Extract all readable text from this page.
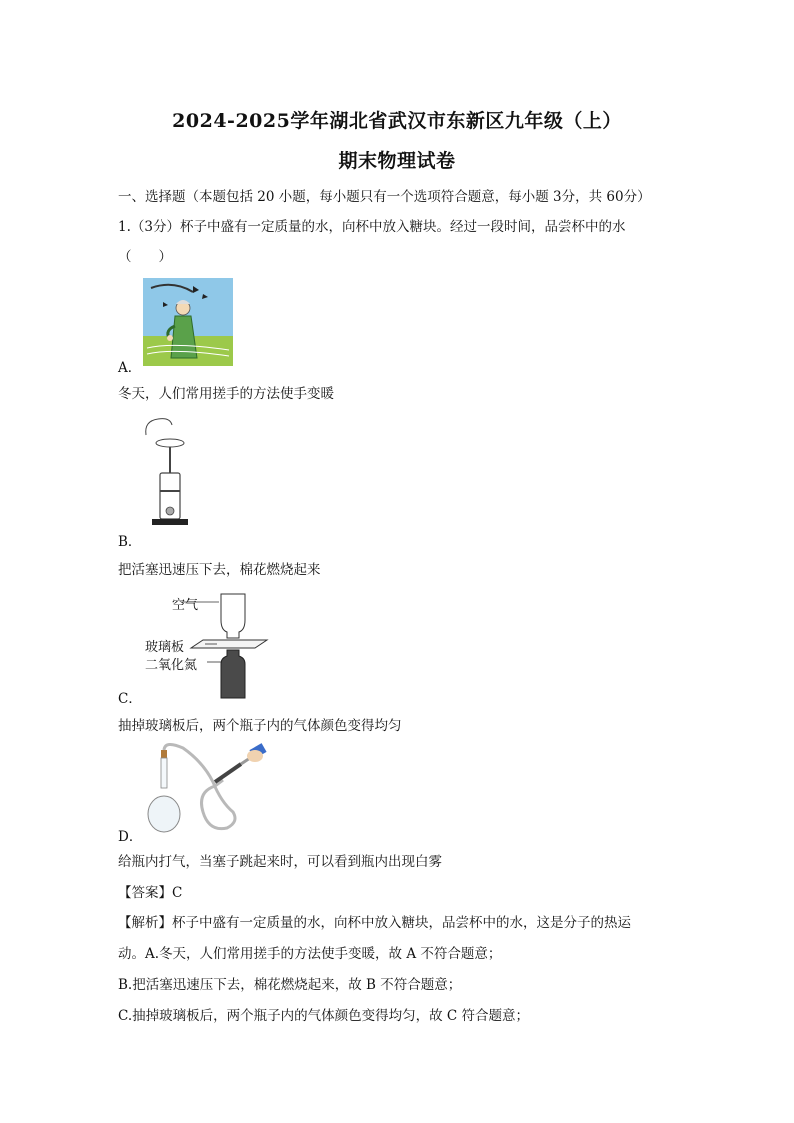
2024-2025学年湖北省武汉市东新区九年级（上）
期末物理试卷
一、选择题（本题包括 20 小题，每小题只有一个选项符合题意，每小题 3分，共 60分）
1.（3分）杯子中盛有一定质量的水，向杯中放入糖块。经过一段时间，品尝杯中的水
（　　）
A．
冬天，人们常用搓手的方法使手变暖
B．
把活塞迅速压下去，棉花燃烧起来
空气
玻璃板
二氧化氮
C．
抽掉玻璃板后，两个瓶子内的气体颜色变得均匀
D．
给瓶内打气，当塞子跳起来时，可以看到瓶内出现白雾
【答案】C
【解析】杯子中盛有一定质量的水，向杯中放入糖块，品尝杯中的水，这是分子的热运
动。A.冬天，人们常用搓手的方法使手变暖，故 A 不符合题意；
B.把活塞迅速压下去，棉花燃烧起来，故 B 不符合题意；
C.抽掉玻璃板后，两个瓶子内的气体颜色变得均匀，故 C 符合题意；
